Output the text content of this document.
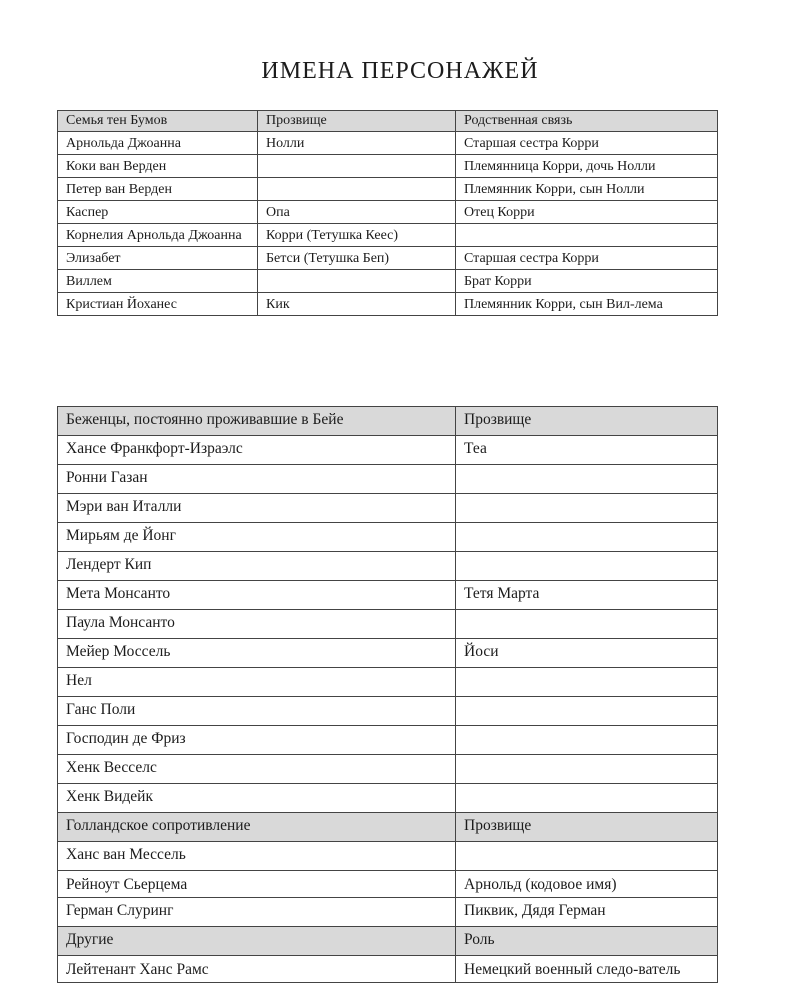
ИМЕНА ПЕРСОНАЖЕЙ
Семья тен Бумов	Прозвище	Родственная связь
Арнольда Джоанна	Нолли	Старшая сестра Корри
Коки ван Верден		Племянница Корри, дочь Нолли
Петер ван Верден		Племянник Корри, сын Нолли
Каспер	Опа	Отец Корри
Корнелия Арнольда Джоанна	Корри (Тетушка Кеес)	
Элизабет	Бетси (Тетушка Беп)	Старшая сестра Корри
Виллем		Брат Корри
Кристиан Йоханес	Кик	Племянник Корри, сын Вил-лема
Беженцы, постоянно проживавшие в Бейе	Прозвище
Хансе Франкфорт-Израэлс	Теа
Ронни Газан	
Мэри ван Италли	
Мирьям де Йонг	
Лендерт Кип	
Мета Монсанто	Тетя Марта
Паула Монсанто	
Мейер Моссель	Йоси
Нел	
Ганс Поли	
Господин де Фриз	
Хенк Весселс	
Хенк Видейк	
Голландское сопротивление	Прозвище
Ханс ван Мессель	
Рейноут Сьерцема	Арнольд (кодовое имя)
Герман Слуринг	Пиквик, Дядя Герман
Другие	Роль
Лейтенант Ханс Рамс	Немецкий военный следо-ватель
